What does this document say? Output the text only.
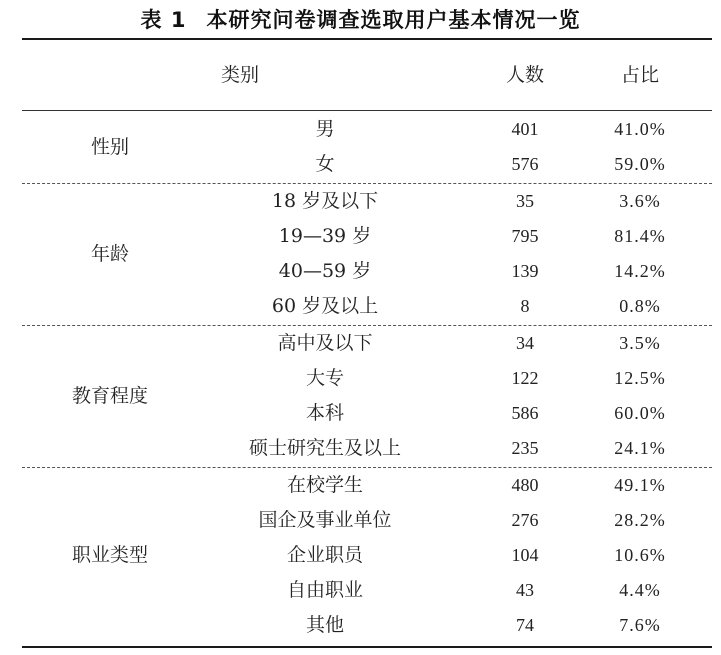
表 1 本研究问卷调查选取用户基本情况一览
类别	人数	占比
性别
男	401	41.0%
女	576	59.0%
年龄
18 岁及以下	35	3.6%
19—39 岁	795	81.4%
40—59 岁	139	14.2%
60 岁及以上	8	0.8%
教育程度
高中及以下	34	3.5%
大专	122	12.5%
本科	586	60.0%
硕士研究生及以上	235	24.1%
职业类型
在校学生	480	49.1%
国企及事业单位	276	28.2%
企业职员	104	10.6%
自由职业	43	4.4%
其他	74	7.6%
